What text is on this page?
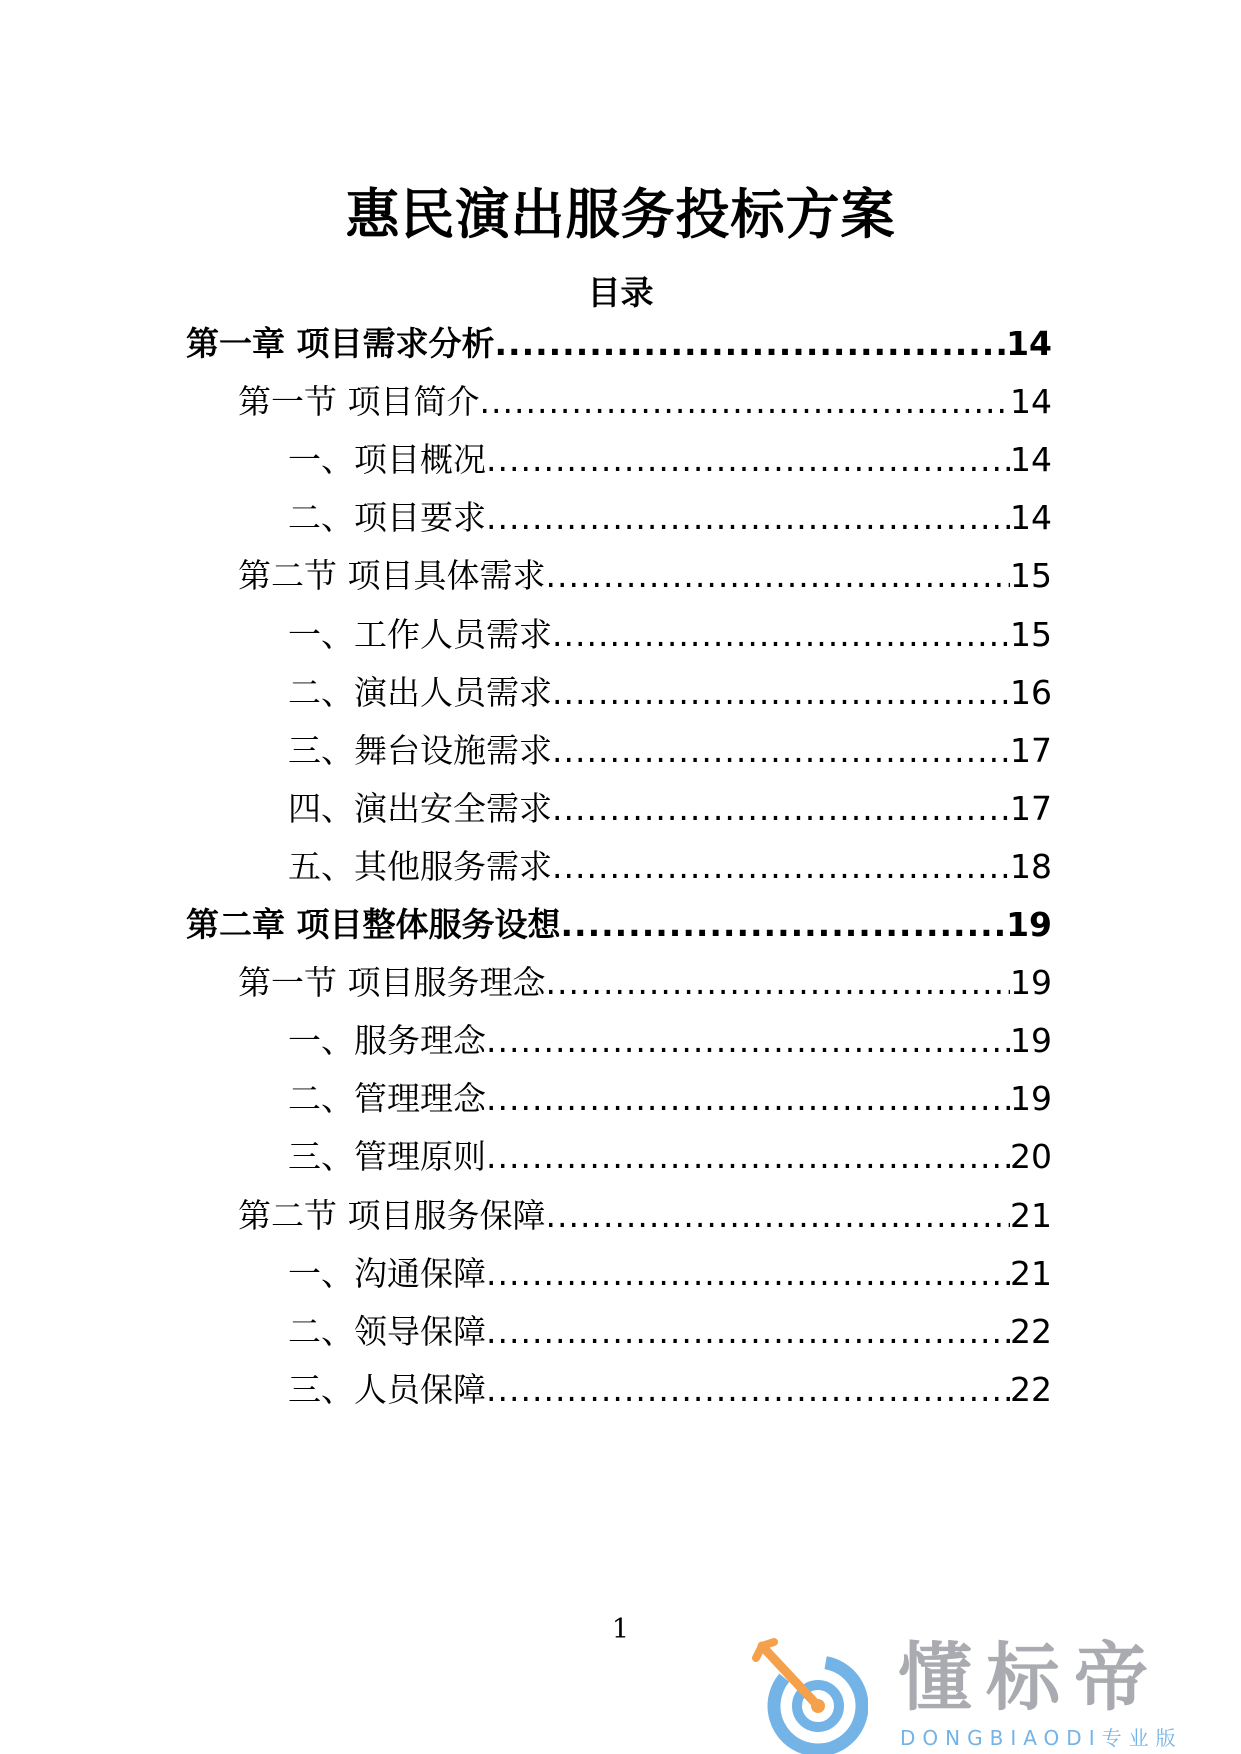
惠民演出服务投标方案
目录
第一章 项目需求分析 .....	14
第一节 项目简介 .....	14
一、项目概况 .....	14
二、项目要求 .....	14
第二节 项目具体需求 .....	15
一、工作人员需求 .....	15
二、演出人员需求 .....	16
三、舞台设施需求 .....	17
四、演出安全需求 .....	17
五、其他服务需求 .....	18
第二章 项目整体服务设想 .....	19
第一节 项目服务理念 .....	19
一、服务理念 .....	19
二、管理理念 .....	19
三、管理原则 .....	20
第二节 项目服务保障 .....	21
一、沟通保障 .....	21
二、领导保障 .....	22
三、人员保障 .....	22
1
懂标帝
DONGBIAODI专业版
